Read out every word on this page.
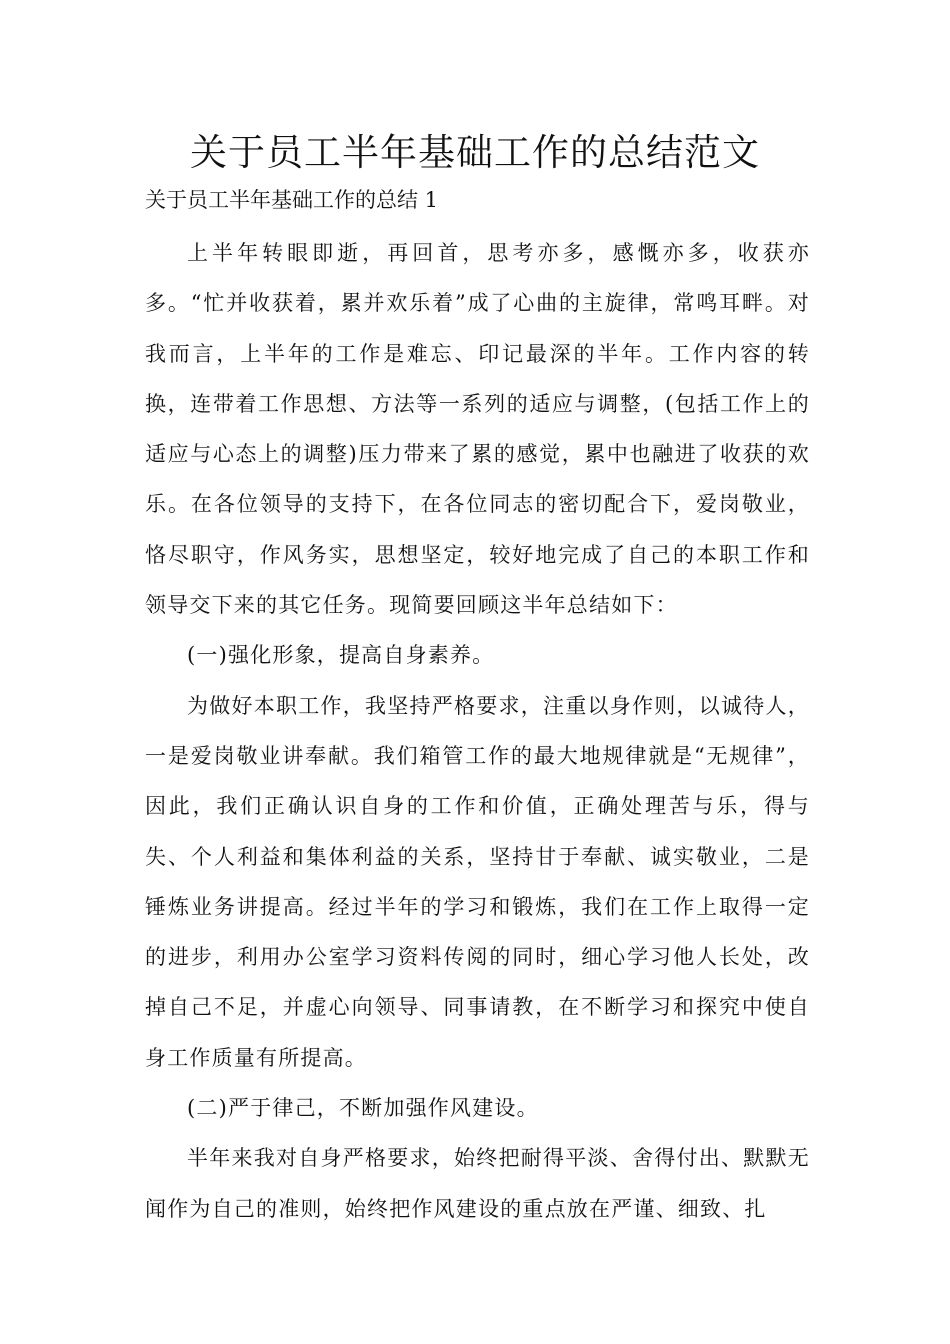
关于员工半年基础工作的总结范文
关于员工半年基础工作的总结 1

上半年转眼即逝，再回首，思考亦多，感慨亦多，收获亦多。“忙并收获着，累并欢乐着”成了心曲的主旋律，常鸣耳畔。对我而言，上半年的工作是难忘、印记最深的半年。工作内容的转换，连带着工作思想、方法等一系列的适应与调整，(包括工作上的适应与心态上的调整)压力带来了累的感觉，累中也融进了收获的欢乐。在各位领导的支持下，在各位同志的密切配合下，爱岗敬业，恪尽职守，作风务实，思想坚定，较好地完成了自己的本职工作和领导交下来的其它任务。现简要回顾这半年总结如下：

(一)强化形象，提高自身素养。

为做好本职工作，我坚持严格要求，注重以身作则，以诚待人，一是爱岗敬业讲奉献。我们箱管工作的最大地规律就是“无规律”，因此，我们正确认识自身的工作和价值，正确处理苦与乐，得与失、个人利益和集体利益的关系，坚持甘于奉献、诚实敬业，二是锤炼业务讲提高。经过半年的学习和锻炼，我们在工作上取得一定的进步，利用办公室学习资料传阅的同时，细心学习他人长处，改掉自己不足，并虚心向领导、同事请教，在不断学习和探究中使自身工作质量有所提高。

(二)严于律己，不断加强作风建设。

半年来我对自身严格要求，始终把耐得平淡、舍得付出、默默无闻作为自己的准则，始终把作风建设的重点放在严谨、细致、扎
